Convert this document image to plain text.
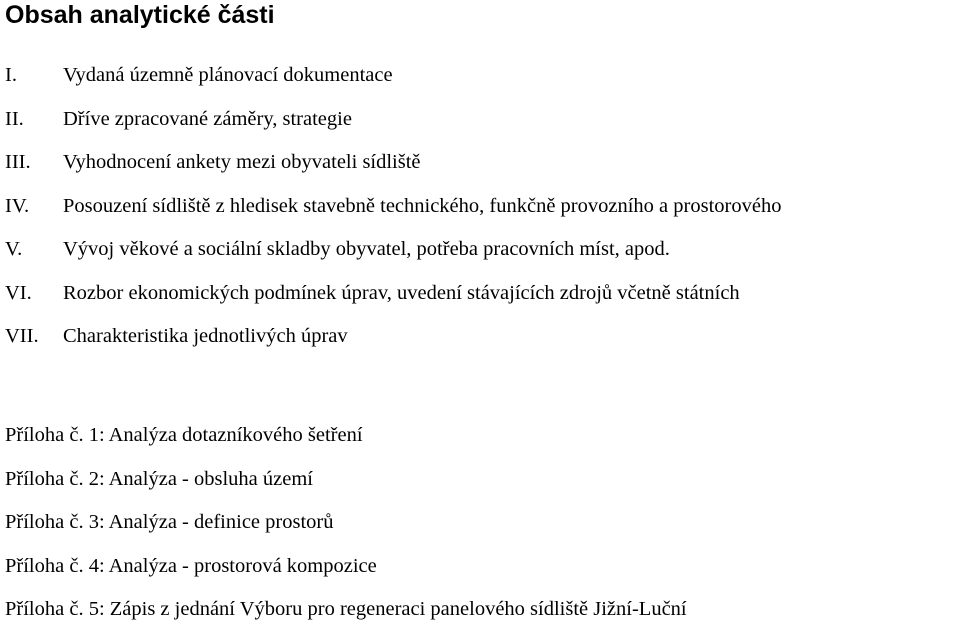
Obsah analytické části
I. Vydaná územně plánovací dokumentace
II. Dříve zpracované záměry, strategie
III. Vyhodnocení ankety mezi obyvateli sídliště
IV. Posouzení sídliště z hledisek stavebně technického, funkčně provozního a prostorového
V. Vývoj věkové a sociální skladby obyvatel, potřeba pracovních míst, apod.
VI. Rozbor ekonomických podmínek úprav, uvedení stávajících zdrojů včetně státních
VII. Charakteristika jednotlivých úprav
Příloha č. 1: Analýza dotazníkového šetření
Příloha č. 2: Analýza - obsluha území
Příloha č. 3: Analýza - definice prostorů
Příloha č. 4: Analýza - prostorová kompozice
Příloha č. 5: Zápis z jednání Výboru pro regeneraci panelového sídliště Jižní-Luční
